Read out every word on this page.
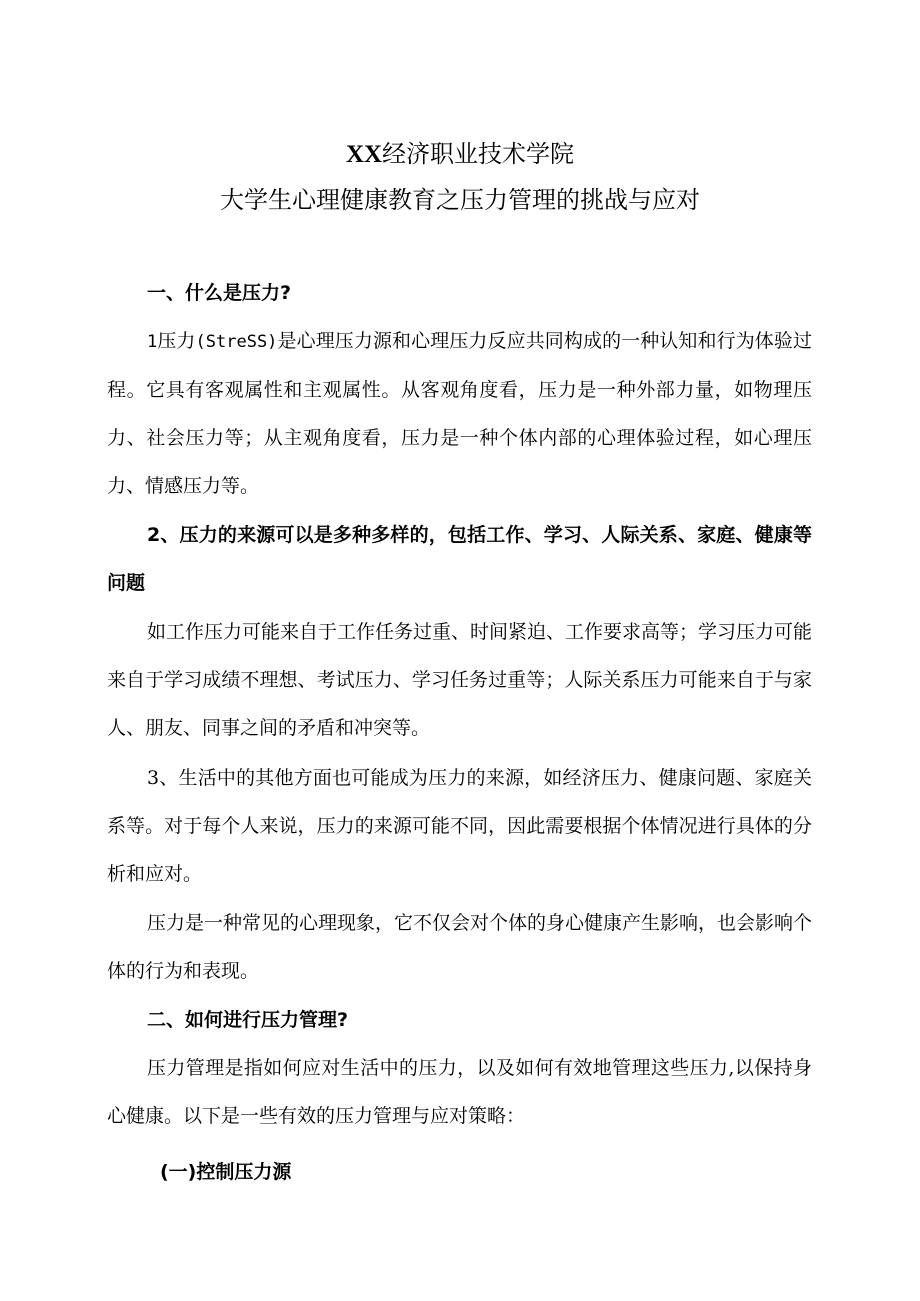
XX经济职业技术学院
大学生心理健康教育之压力管理的挑战与应对

一、什么是压力?

1压力(StreSS)是心理压力源和心理压力反应共同构成的一种认知和行为体验过程。它具有客观属性和主观属性。从客观角度看，压力是一种外部力量，如物理压力、社会压力等；从主观角度看，压力是一种个体内部的心理体验过程，如心理压力、情感压力等。

2、压力的来源可以是多种多样的，包括工作、学习、人际关系、家庭、健康等问题

如工作压力可能来自于工作任务过重、时间紧迫、工作要求高等；学习压力可能来自于学习成绩不理想、考试压力、学习任务过重等；人际关系压力可能来自于与家人、朋友、同事之间的矛盾和冲突等。

3、生活中的其他方面也可能成为压力的来源，如经济压力、健康问题、家庭关系等。对于每个人来说，压力的来源可能不同，因此需要根据个体情况进行具体的分析和应对。

压力是一种常见的心理现象，它不仅会对个体的身心健康产生影响，也会影响个体的行为和表现。

二、如何进行压力管理?

压力管理是指如何应对生活中的压力，以及如何有效地管理这些压力,以保持身心健康。以下是一些有效的压力管理与应对策略：

(一)控制压力源
